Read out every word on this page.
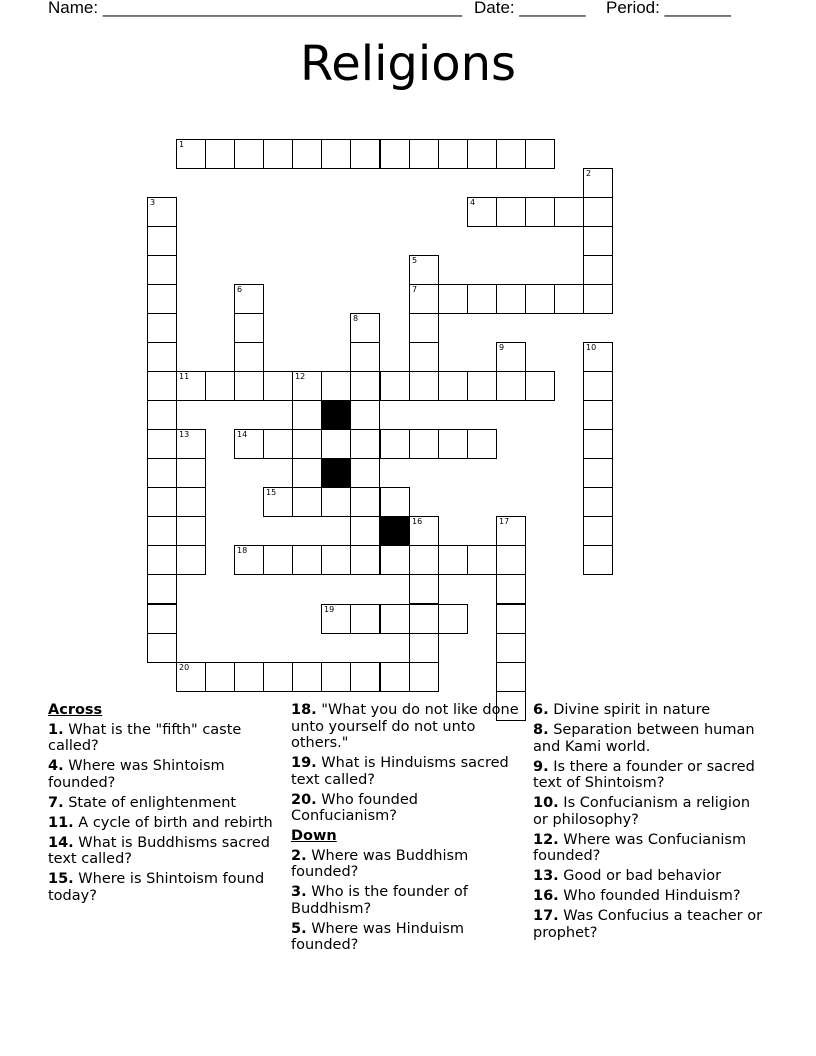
Name: ______________________________________ Date: _______ Period: _______
Religions
1
2
3	4
5
6	7
8
9	10
11	12
13	14
15
16	17
18
19
20
Across
1. What is the "fifth" caste called?
4. Where was Shintoism founded?
7. State of enlightenment
11. A cycle of birth and rebirth
14. What is Buddhisms sacred text called?
15. Where is Shintoism found today?
18. "What you do not like done unto yourself do not unto others."
19. What is Hinduisms sacred text called?
20. Who founded Confucianism?
Down
2. Where was Buddhism founded?
3. Who is the founder of Buddhism?
5. Where was Hinduism founded?
6. Divine spirit in nature
8. Separation between human and Kami world.
9. Is there a founder or sacred text of Shintoism?
10. Is Confucianism a religion or philosophy?
12. Where was Confucianism founded?
13. Good or bad behavior
16. Who founded Hinduism?
17. Was Confucius a teacher or prophet?
